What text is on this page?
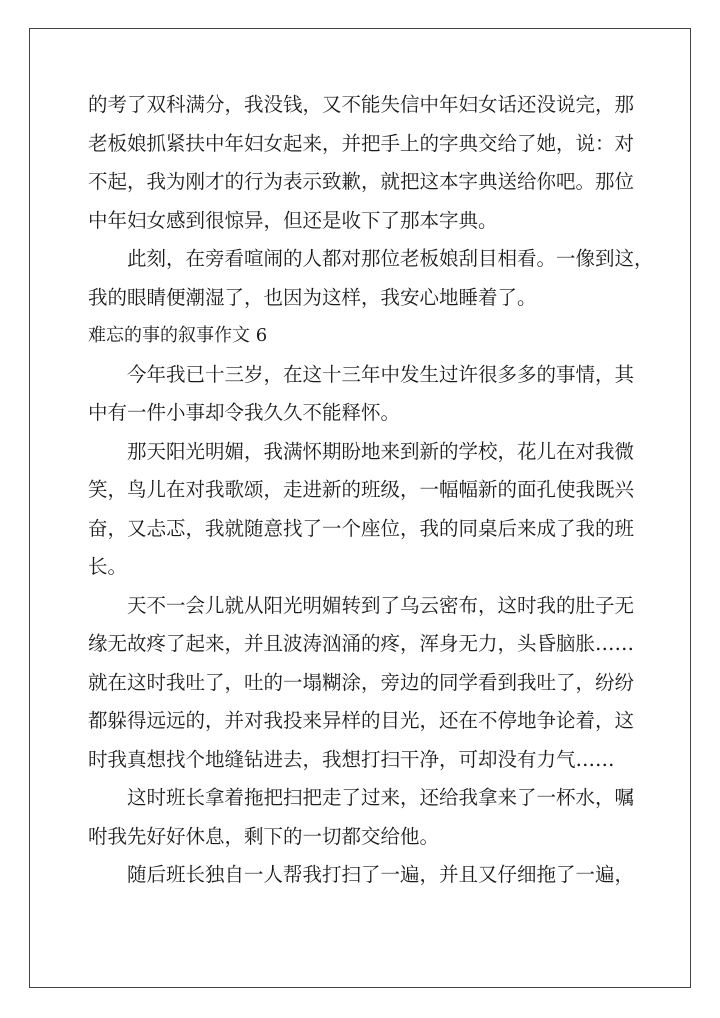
的考了双科满分，我没钱，又不能失信中年妇女话还没说完，那
老板娘抓紧扶中年妇女起来，并把手上的字典交给了她，说：对
不起，我为刚才的行为表示致歉，就把这本字典送给你吧。那位
中年妇女感到很惊异，但还是收下了那本字典。
此刻，在旁看喧闹的人都对那位老板娘刮目相看。一像到这，
我的眼睛便潮湿了，也因为这样，我安心地睡着了。
难忘的事的叙事作文 6
今年我已十三岁，在这十三年中发生过许很多多的事情，其
中有一件小事却令我久久不能释怀。
那天阳光明媚，我满怀期盼地来到新的学校，花儿在对我微
笑，鸟儿在对我歌颂，走进新的班级，一幅幅新的面孔使我既兴
奋，又忐忑，我就随意找了一个座位，我的同桌后来成了我的班
长。
天不一会儿就从阳光明媚转到了乌云密布，这时我的肚子无
缘无故疼了起来，并且波涛汹涌的疼，浑身无力，头昏脑胀……
就在这时我吐了，吐的一塌糊涂，旁边的同学看到我吐了，纷纷
都躲得远远的，并对我投来异样的目光，还在不停地争论着，这
时我真想找个地缝钻进去，我想打扫干净，可却没有力气……
这时班长拿着拖把扫把走了过来，还给我拿来了一杯水，嘱
咐我先好好休息，剩下的一切都交给他。
随后班长独自一人帮我打扫了一遍，并且又仔细拖了一遍，
